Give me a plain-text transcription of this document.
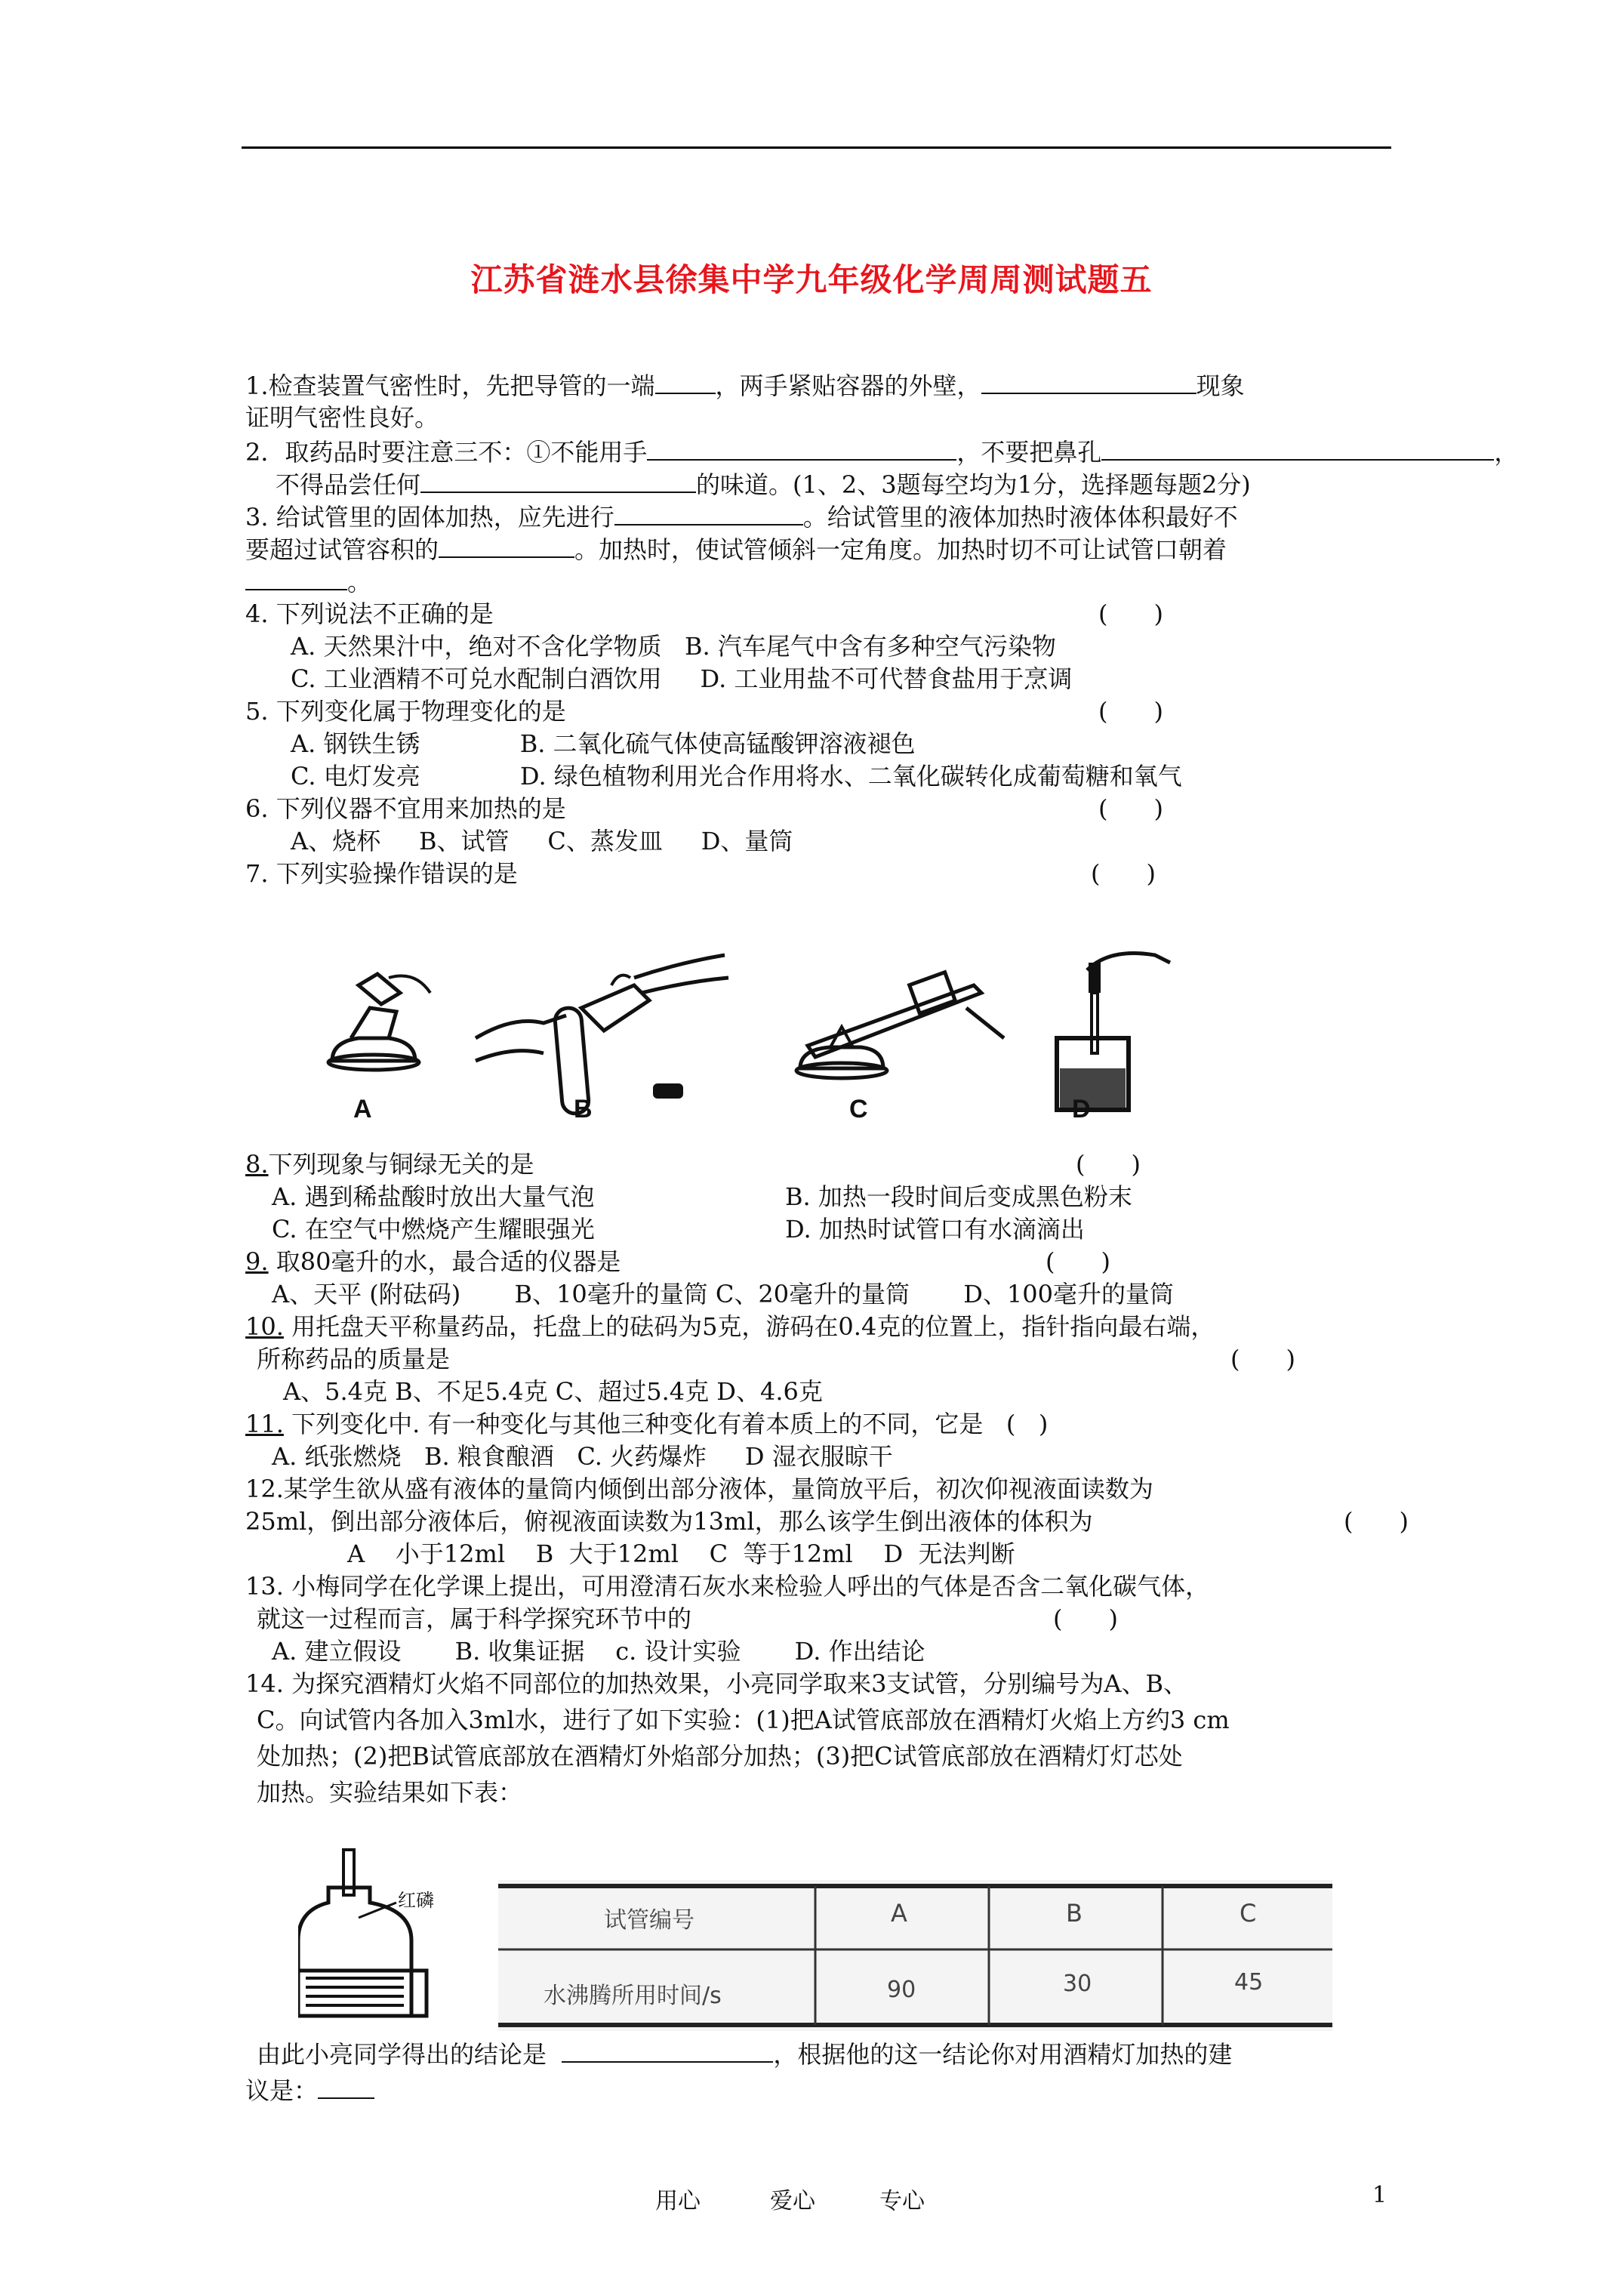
江苏省涟水县徐集中学九年级化学周周测试题五
1.检查装置气密性时，先把导管的一端	，两手紧贴容器的外壁，	现象
证明气密性良好。
2．取药品时要注意三不：①不能用手	，不要把鼻孔	，
不得品尝任何	的味道。(1、2、3题每空均为1分，选择题每题2分)
3. 给试管里的固体加热，应先进行	。给试管里的液体加热时液体体积最好不
要超过试管容积的	。加热时，使试管倾斜一定角度。加热时切不可让试管口朝着
。
4. 下列说法不正确的是	(      )
A. 天然果汁中，绝对不含化学物质   B. 汽车尾气中含有多种空气污染物
C. 工业酒精不可兑水配制白酒饮用     D. 工业用盐不可代替食盐用于烹调
5. 下列变化属于物理变化的是	(      )
A. 钢铁生锈             B. 二氧化硫气体使高锰酸钾溶液褪色
C. 电灯发亮             D. 绿色植物利用光合作用将水、二氧化碳转化成葡萄糖和氧气
6. 下列仪器不宜用来加热的是	(      )
A、烧杯     B、试管     C、蒸发皿     D、量筒
7. 下列实验操作错误的是	(      )
A	B	C	D
8.下列现象与铜绿无关的是	(      )
A. 遇到稀盐酸时放出大量气泡	B. 加热一段时间后变成黑色粉末
C. 在空气中燃烧产生耀眼强光	D. 加热时试管口有水滴滴出
9. 取80毫升的水，最合适的仪器是	(      )
A、天平 (附砝码)       B、10毫升的量筒 C、20毫升的量筒       D、100毫升的量筒
10. 用托盘天平称量药品，托盘上的砝码为5克，游码在0.4克的位置上，指针指向最右端，
所称药品的质量是	(      )
A、5.4克 B、不足5.4克 C、超过5.4克 D、4.6克
11. 下列变化中. 有一种变化与其他三种变化有着本质上的不同，它是   (   )
A. 纸张燃烧   B. 粮食酿酒   C. 火药爆炸     D 湿衣服晾干
12.某学生欲从盛有液体的量筒内倾倒出部分液体，量筒放平后，初次仰视液面读数为
25ml，倒出部分液体后，俯视液面读数为13ml，那么该学生倒出液体的体积为	(      )
A    小于12ml    B  大于12ml    C  等于12ml    D  无法判断
13. 小梅同学在化学课上提出，可用澄清石灰水来检验人呼出的气体是否含二氧化碳气体，
就这一过程而言，属于科学探究环节中的	(      )
A. 建立假设       B. 收集证据    c. 设计实验       D. 作出结论
14. 为探究酒精灯火焰不同部位的加热效果，小亮同学取来3支试管，分别编号为A、B、
C。向试管内各加入3ml水，进行了如下实验：(1)把A试管底部放在酒精灯火焰上方约3 cm
处加热；(2)把B试管底部放在酒精灯外焰部分加热；(3)把C试管底部放在酒精灯灯芯处
加热。实验结果如下表：
红磷
试管编号	A	B	C
水沸腾所用时间/s	90	30	45
由此小亮同学得出的结论是	，根据他的这一结论你对用酒精灯加热的建
议是：
用心	爱心	专心	1
